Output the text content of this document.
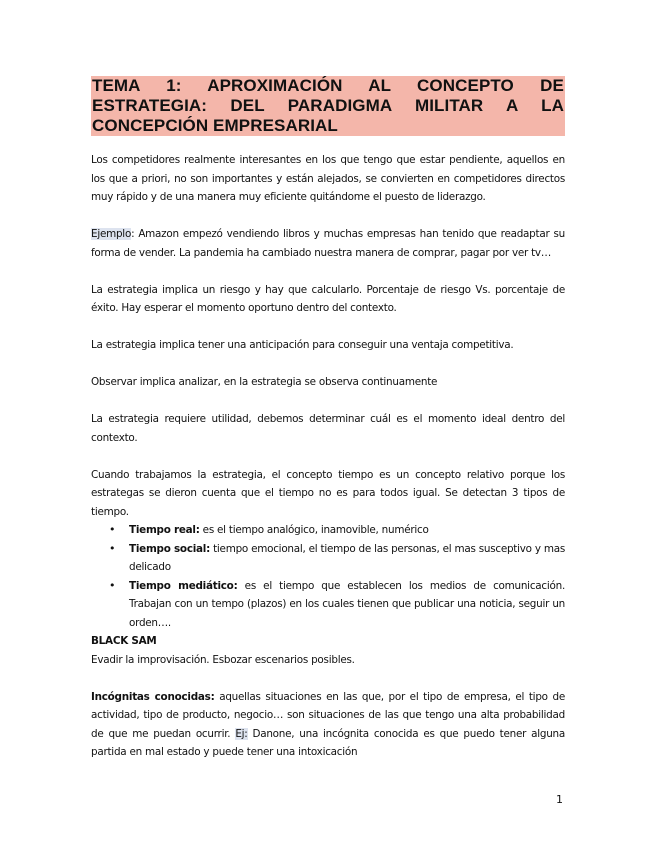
TEMA 1: APROXIMACIÓN AL CONCEPTO DE ESTRATEGIA: DEL PARADIGMA MILITAR A LA CONCEPCIÓN EMPRESARIAL

Los competidores realmente interesantes en los que tengo que estar pendiente, aquellos en los que a priori, no son importantes y están alejados, se convierten en competidores directos muy rápido y de una manera muy eficiente quitándome el puesto de liderazgo.

Ejemplo: Amazon empezó vendiendo libros y muchas empresas han tenido que readaptar su forma de vender. La pandemia ha cambiado nuestra manera de comprar, pagar por ver tv…

La estrategia implica un riesgo y hay que calcularlo. Porcentaje de riesgo Vs. porcentaje de éxito. Hay esperar el momento oportuno dentro del contexto.

La estrategia implica tener una anticipación para conseguir una ventaja competitiva.

Observar implica analizar, en la estrategia se observa continuamente

La estrategia requiere utilidad, debemos determinar cuál es el momento ideal dentro del contexto.

Cuando trabajamos la estrategia, el concepto tiempo es un concepto relativo porque los estrategas se dieron cuenta que el tiempo no es para todos igual. Se detectan 3 tipos de tiempo.

• Tiempo real: es el tiempo analógico, inamovible, numérico
• Tiempo social: tiempo emocional, el tiempo de las personas, el mas susceptivo y mas delicado
• Tiempo mediático: es el tiempo que establecen los medios de comunicación. Trabajan con un tempo (plazos) en los cuales tienen que publicar una noticia, seguir un orden….

BLACK SAM

Evadir la improvisación. Esbozar escenarios posibles.

Incógnitas conocidas: aquellas situaciones en las que, por el tipo de empresa, el tipo de actividad, tipo de producto, negocio… son situaciones de las que tengo una alta probabilidad de que me puedan ocurrir. Ej: Danone, una incógnita conocida es que puedo tener alguna partida en mal estado y puede tener una intoxicación

1
